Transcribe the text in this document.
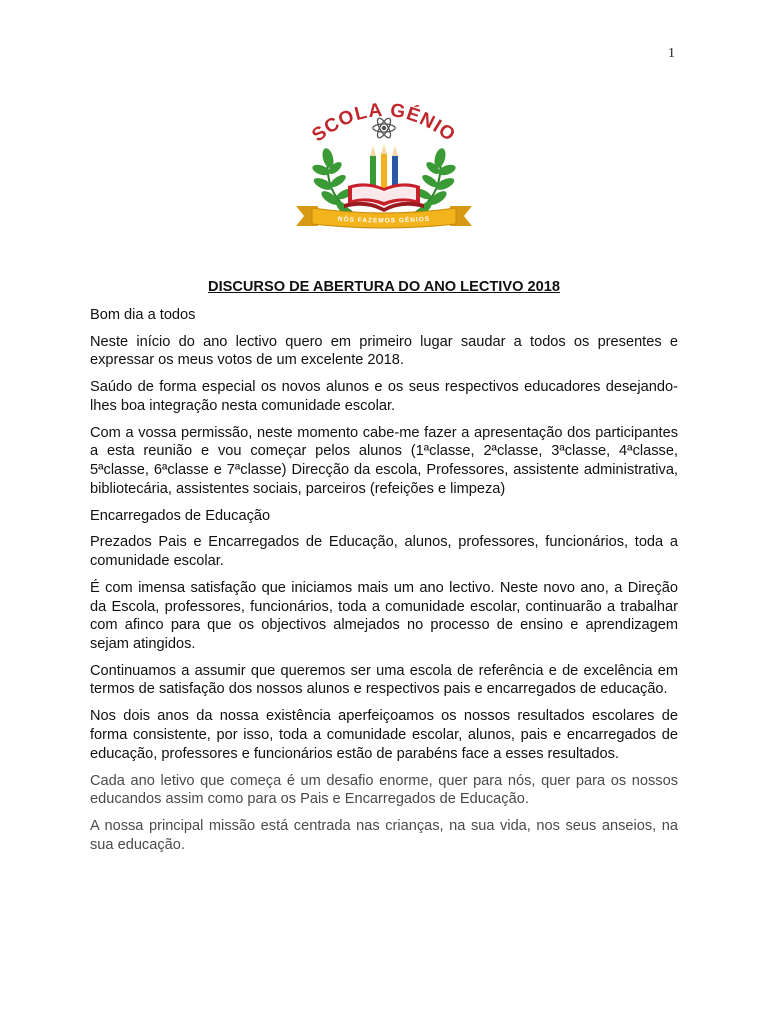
1
SCOLA GÉNIO
NÓS FAZEMOS GÉNIOS

DISCURSO DE ABERTURA DO ANO LECTIVO 2018

Bom dia a todos

Neste início do ano lectivo quero em primeiro lugar saudar a todos os presentes e expressar os meus votos de um excelente 2018.

Saúdo de forma especial os novos alunos e os seus respectivos educadores desejando-lhes boa integração nesta comunidade escolar.

Com a vossa permissão, neste momento cabe-me fazer a apresentação dos participantes a esta reunião e vou começar pelos alunos (1ªclasse, 2ªclasse, 3ªclasse, 4ªclasse, 5ªclasse, 6ªclasse e 7ªclasse) Direcção da escola, Professores, assistente administrativa, bibliotecária, assistentes sociais, parceiros (refeições e limpeza)

Encarregados de Educação

Prezados Pais e Encarregados de Educação, alunos, professores, funcionários, toda a comunidade escolar.

É com imensa satisfação que iniciamos mais um ano lectivo. Neste novo ano, a Direção da Escola, professores, funcionários, toda a comunidade escolar, continuarão a trabalhar com afinco para que os objectivos almejados no processo de ensino e aprendizagem sejam atingidos.

Continuamos a assumir que queremos ser uma escola de referência e de excelência em termos de satisfação dos nossos alunos e respectivos pais e encarregados de educação.

Nos dois anos da nossa existência aperfeiçoamos os nossos resultados escolares de forma consistente, por isso, toda a comunidade escolar, alunos, pais e encarregados de educação, professores e funcionários estão de parabéns face a esses resultados.

Cada ano letivo que começa é um desafio enorme, quer para nós, quer para os nossos educandos assim como para os Pais e Encarregados de Educação.

A nossa principal missão está centrada nas crianças, na sua vida, nos seus anseios, na sua educação.
